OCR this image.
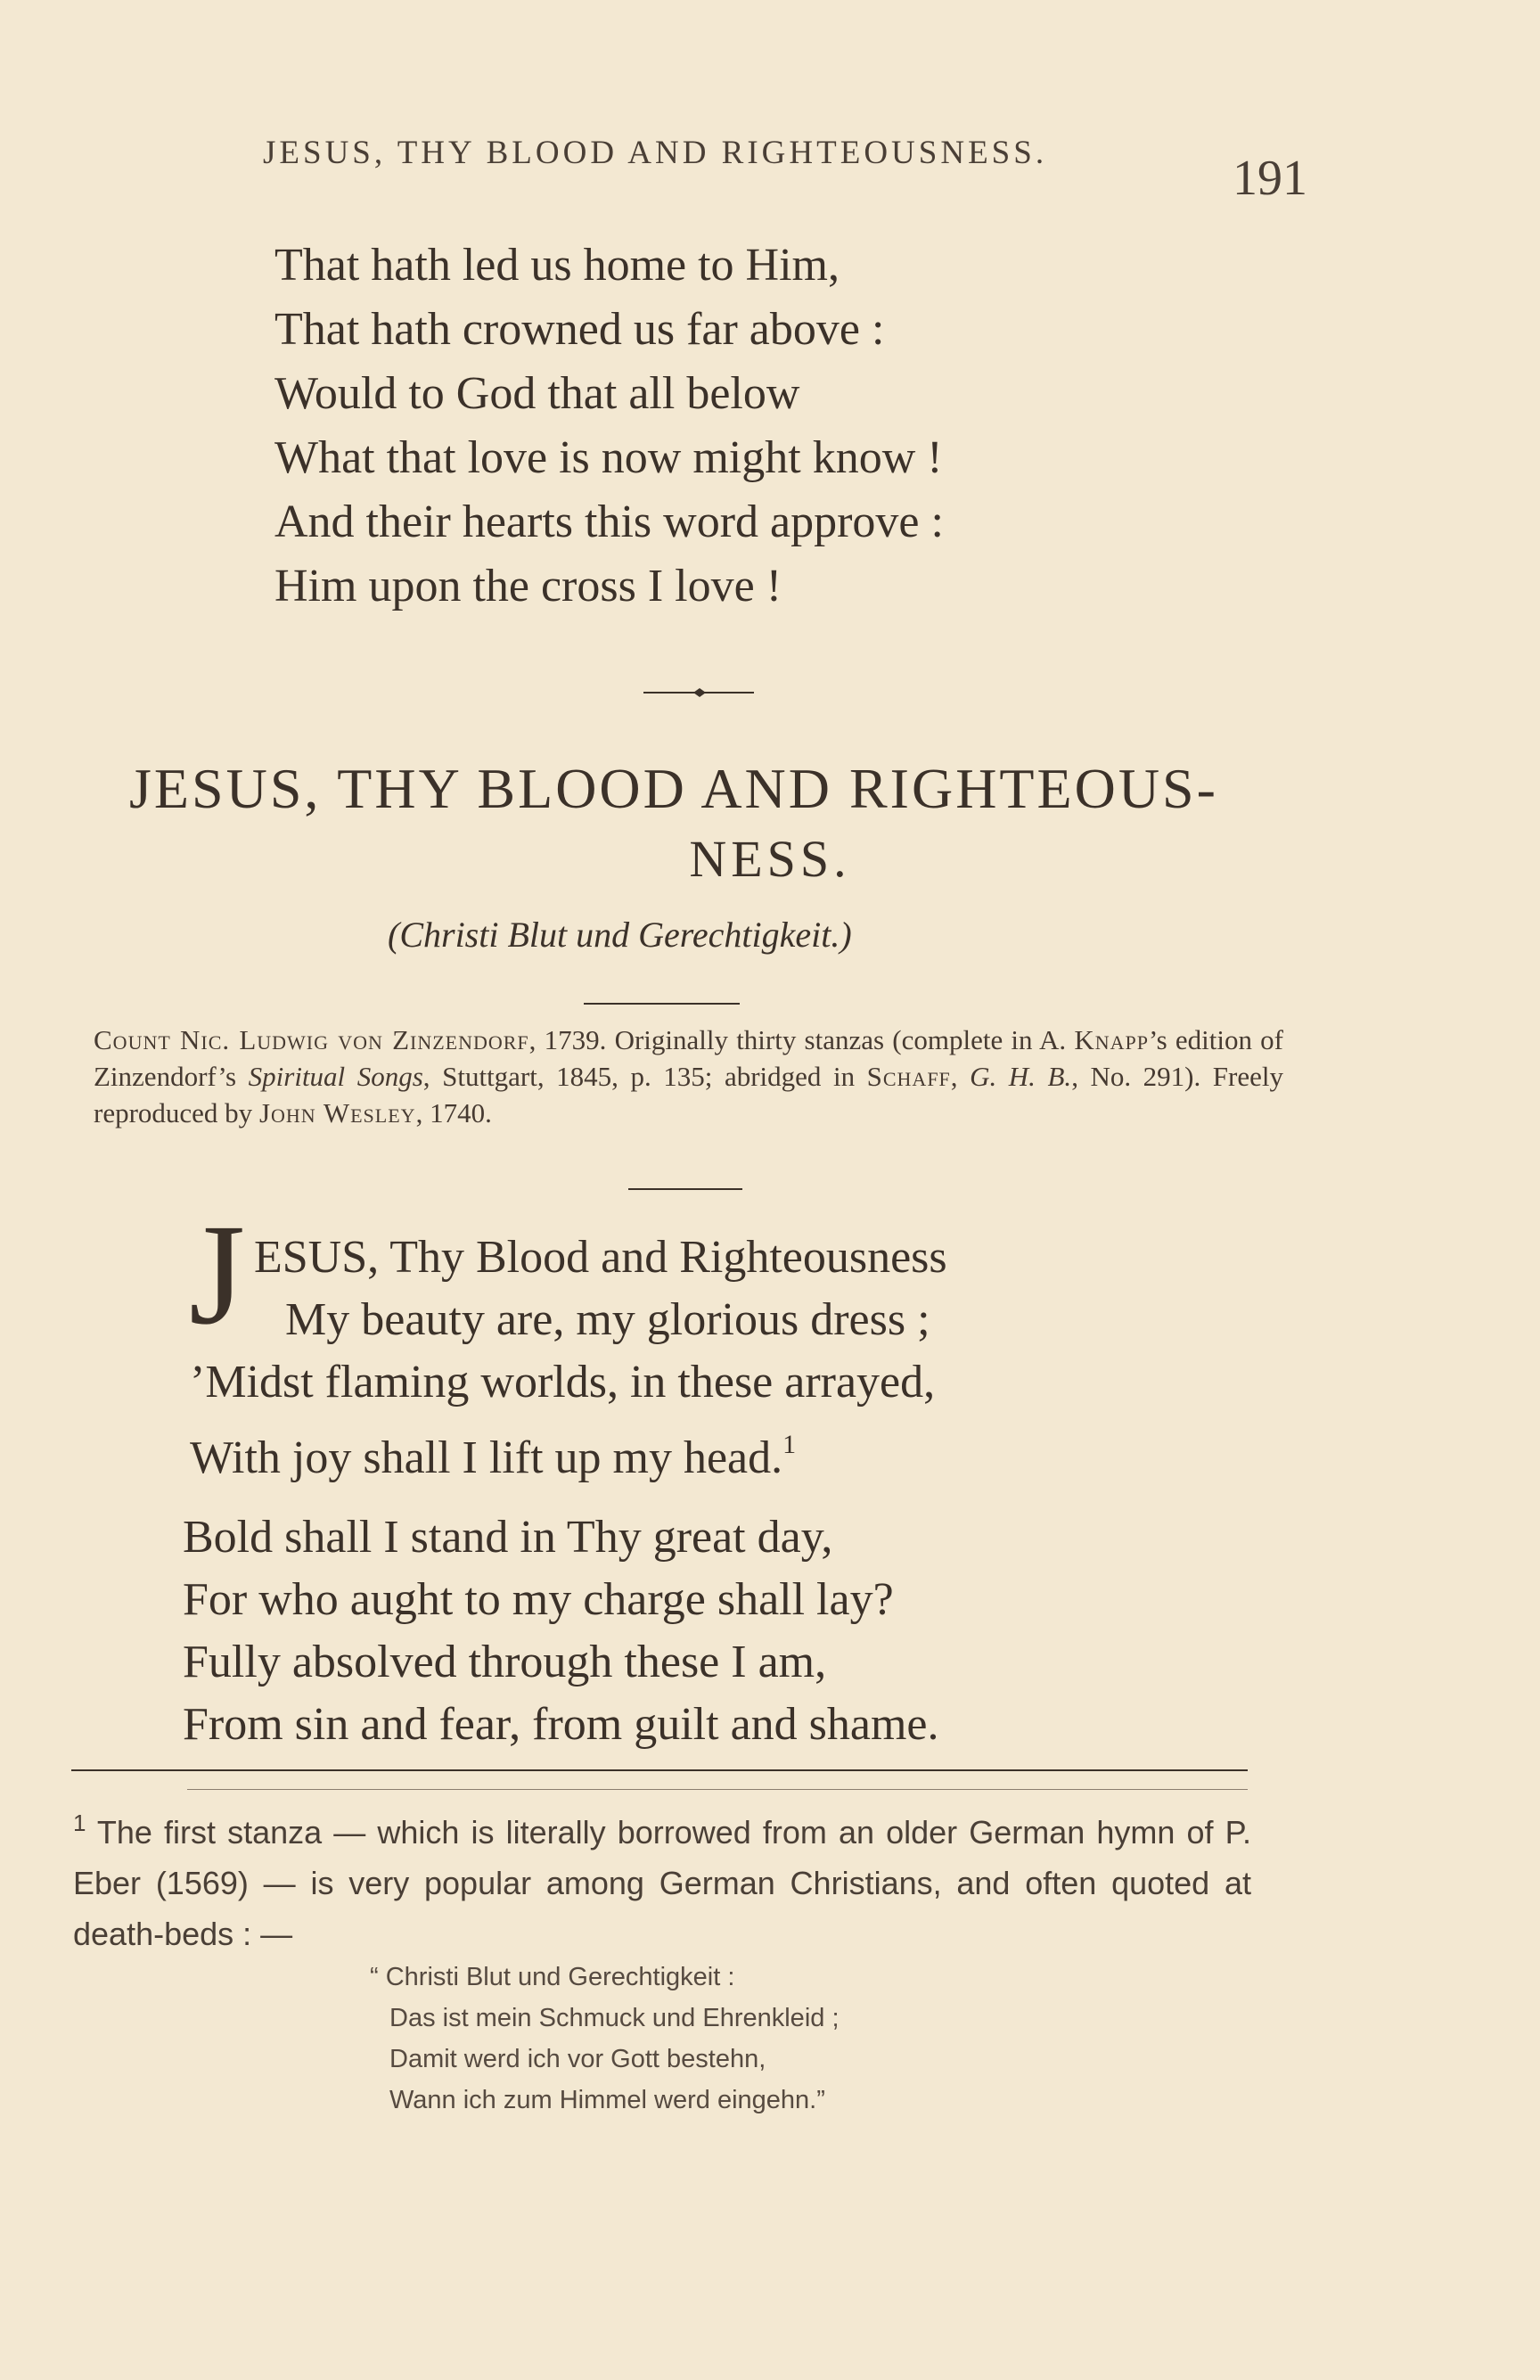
JESUS, THY BLOOD AND RIGHTEOUSNESS.	191
That hath led us home to Him,
That hath crowned us far above :
Would to God that all below
What that love is now might know !
And their hearts this word approve :
Him upon the cross I love !
JESUS, THY BLOOD AND RIGHTEOUS-
NESS.
(Christi Blut und Gerechtigkeit.)
Count Nic. Ludwig von Zinzendorf, 1739. Originally thirty stanzas (complete in A. Knapp’s edition of Zinzendorf’s Spiritual Songs, Stuttgart, 1845, p. 135; abridged in Schaff, G. H. B., No. 291). Freely reproduced by John Wesley, 1740.
J ESUS, Thy Blood and Righteousness
My beauty are, my glorious dress ;
’Midst flaming worlds, in these arrayed,
With joy shall I lift up my head.$^1$
Bold shall I stand in Thy great day,
For who aught to my charge shall lay?
Fully absolved through these I am,
From sin and fear, from guilt and shame.
$^1$ The first stanza — which is literally borrowed from an older German hymn of P. Eber (1569) — is very popular among German Christians, and often quoted at death-beds : —
“ Christi Blut und Gerechtigkeit :
Das ist mein Schmuck und Ehrenkleid ;
Damit werd ich vor Gott bestehn,
Wann ich zum Himmel werd eingehn.”
